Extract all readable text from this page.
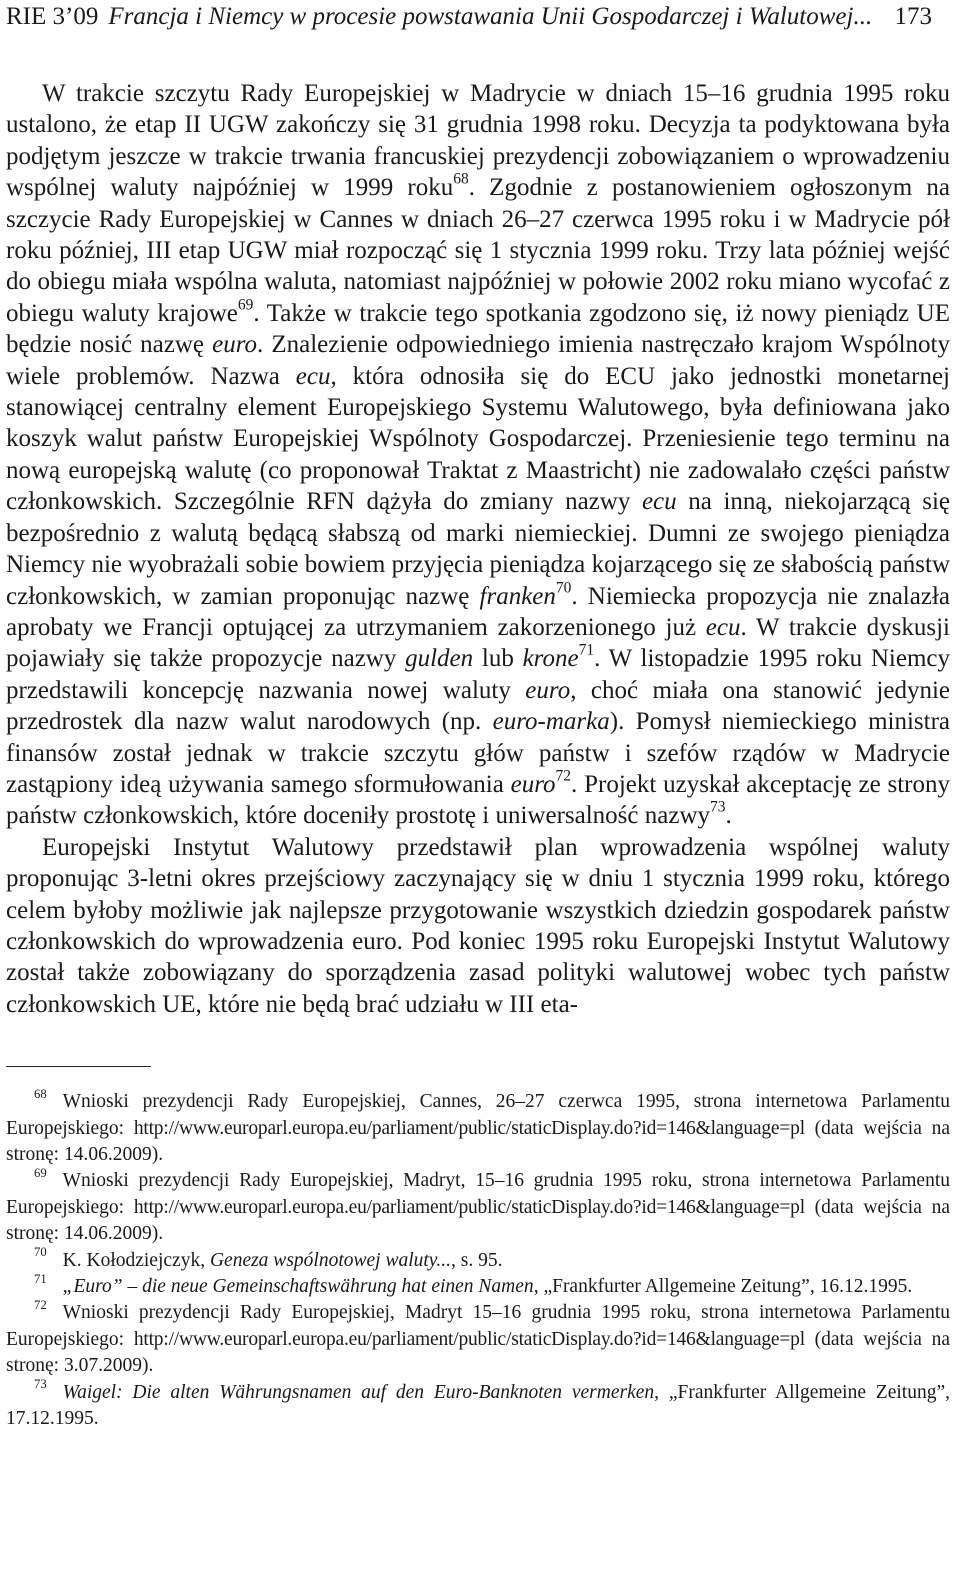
RIE 3’09 Francja i Niemcy w procesie powstawania Unii Gospodarczej i Walutowej... 173

W trakcie szczytu Rady Europejskiej w Madrycie w dniach 15–16 grudnia 1995 roku ustalono, że etap II UGW zakończy się 31 grudnia 1998 roku. Decyzja ta podyktowana była podjętym jeszcze w trakcie trwania francuskiej prezydencji zobowiązaniem o wprowadzeniu wspólnej waluty najpóźniej w 1999 roku$^{68}$. Zgodnie z postanowieniem ogłoszonym na szczycie Rady Europejskiej w Cannes w dniach 26–27 czerwca 1995 roku i w Madrycie pół roku później, III etap UGW miał rozpocząć się 1 stycznia 1999 roku. Trzy lata później wejść do obiegu miała wspólna waluta, natomiast najpóźniej w połowie 2002 roku miano wycofać z obiegu waluty krajowe$^{69}$. Także w trakcie tego spotkania zgodzono się, iż nowy pieniądz UE będzie nosić nazwę euro. Znalezienie odpowiedniego imienia nastręczało krajom Wspólnoty wiele problemów. Nazwa ecu, która odnosiła się do ECU jako jednostki monetarnej stanowiącej centralny element Europejskiego Systemu Walutowego, była definiowana jako koszyk walut państw Europejskiej Wspólnoty Gospodarczej. Przeniesienie tego terminu na nową europejską walutę (co proponował Traktat z Maastricht) nie zadowalało części państw członkowskich. Szczególnie RFN dążyła do zmiany nazwy ecu na inną, niekojarzącą się bezpośrednio z walutą będącą słabszą od marki niemieckiej. Dumni ze swojego pieniądza Niemcy nie wyobrażali sobie bowiem przyjęcia pieniądza kojarzącego się ze słabością państw członkowskich, w zamian proponując nazwę franken$^{70}$. Niemiecka propozycja nie znalazła aprobaty we Francji optującej za utrzymaniem zakorzenionego już ecu. W trakcie dyskusji pojawiały się także propozycje nazwy gulden lub krone$^{71}$. W listopadzie 1995 roku Niemcy przedstawili koncepcję nazwania nowej waluty euro, choć miała ona stanowić jedynie przedrostek dla nazw walut narodowych (np. euro-marka). Pomysł niemieckiego ministra finansów został jednak w trakcie szczytu głów państw i szefów rządów w Madrycie zastąpiony ideą używania samego sformułowania euro$^{72}$. Projekt uzyskał akceptację ze strony państw członkowskich, które doceniły prostotę i uniwersalność nazwy$^{73}$.

Europejski Instytut Walutowy przedstawił plan wprowadzenia wspólnej waluty proponując 3-letni okres przejściowy zaczynający się w dniu 1 stycznia 1999 roku, którego celem byłoby możliwie jak najlepsze przygotowanie wszystkich dziedzin gospodarek państw członkowskich do wprowadzenia euro. Pod koniec 1995 roku Europejski Instytut Walutowy został także zobowiązany do sporządzenia zasad polityki walutowej wobec tych państw członkowskich UE, które nie będą brać udziału w III eta-

$^{68}$ Wnioski prezydencji Rady Europejskiej, Cannes, 26–27 czerwca 1995, strona internetowa Parlamentu Europejskiego: http://www.europarl.europa.eu/parliament/public/staticDisplay.do?id=146&language=pl (data wejścia na stronę: 14.06.2009).

$^{69}$ Wnioski prezydencji Rady Europejskiej, Madryt, 15–16 grudnia 1995 roku, strona internetowa Parlamentu Europejskiego: http://www.europarl.europa.eu/parliament/public/staticDisplay.do?id=146&language=pl (data wejścia na stronę: 14.06.2009).

$^{70}$ K. Kołodziejczyk, Geneza wspólnotowej waluty..., s. 95.

$^{71}$ „Euro” – die neue Gemeinschaftswährung hat einen Namen, „Frankfurter Allgemeine Zeitung”, 16.12.1995.

$^{72}$ Wnioski prezydencji Rady Europejskiej, Madryt 15–16 grudnia 1995 roku, strona internetowa Parlamentu Europejskiego: http://www.europarl.europa.eu/parliament/public/staticDisplay.do?id=146&language=pl (data wejścia na stronę: 3.07.2009).

$^{73}$ Waigel: Die alten Währungsnamen auf den Euro-Banknoten vermerken, „Frankfurter Allgemeine Zeitung”, 17.12.1995.
